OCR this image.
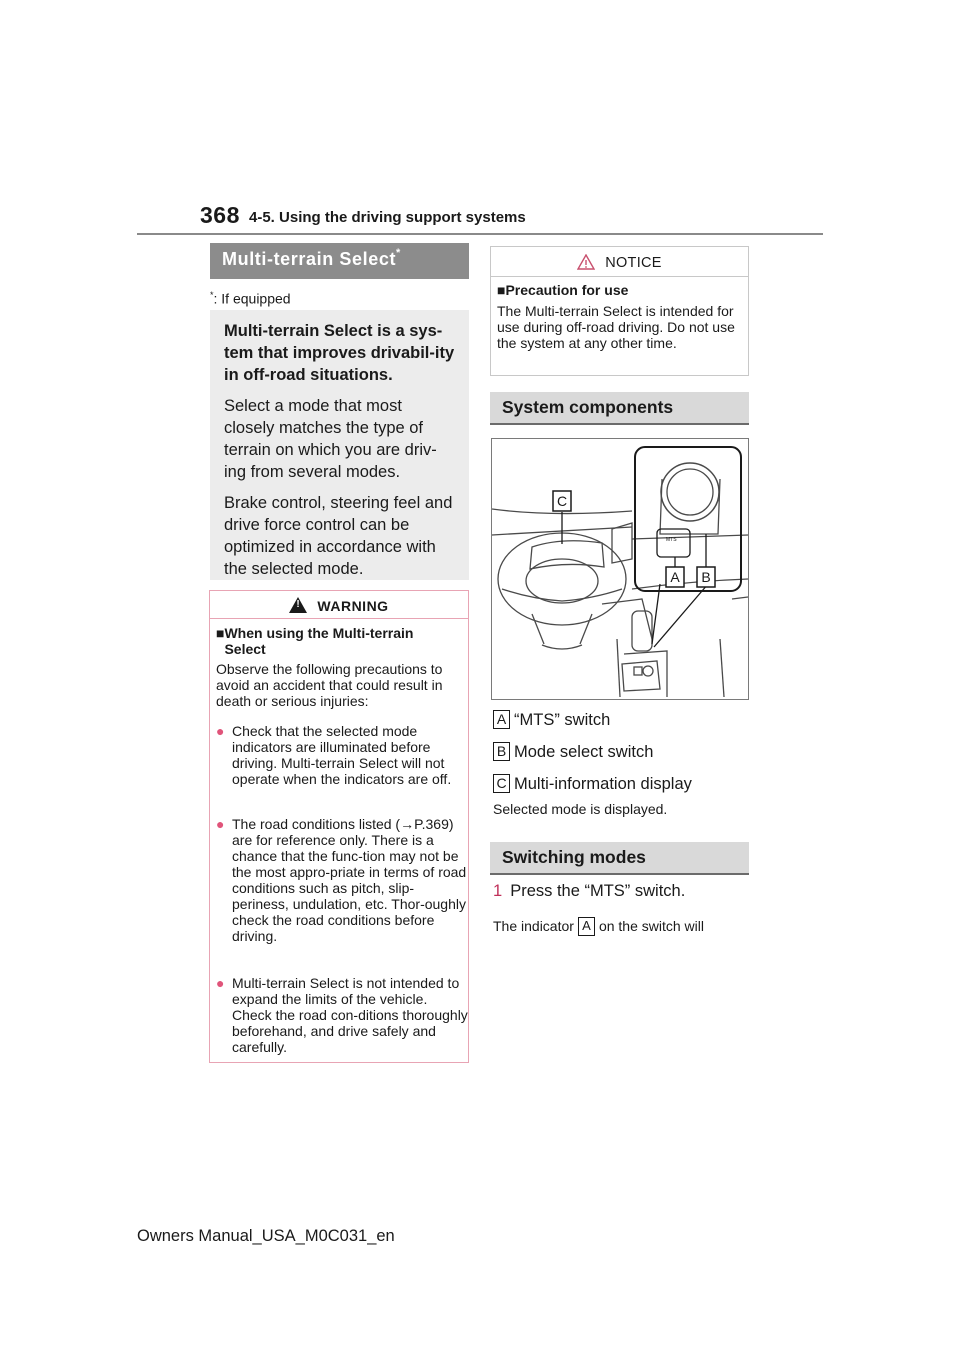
368 4-5. Using the driving support systems
Multi-terrain Select*
*: If equipped

Multi-terrain Select is a sys-tem that improves drivabil-ity in off-road situations.

Select a mode that most closely matches the type of terrain on which you are driv-ing from several modes.

Brake control, steering feel and drive force control can be optimized in accordance with the selected mode.

!WARNING
■When using the Multi-terrain Select
Observe the following precautions to avoid an accident that could result in death or serious injuries:
● Check that the selected mode indicators are illuminated before driving. Multi-terrain Select will not operate when the indicators are off.
● The road conditions listed (→P.369) are for reference only. There is a chance that the func-tion may not be the most appro-priate in terms of road conditions such as pitch, slip-periness, undulation, etc. Thor-oughly check the road conditions before driving.
● Multi-terrain Select is not intended to expand the limits of the vehicle. Check the road con-ditions thoroughly beforehand, and drive safely and carefully.
NOTICE
■Precaution for use
The Multi-terrain Select is intended for use during off-road driving. Do not use the system at any other time.
System components
C
A B
MTS
A “MTS” switch
B Mode select switch
C Multi-information display
Selected mode is displayed.
Switching modes
1 Press the “MTS” switch.
The indicator A on the switch will
Owners Manual_USA_M0C031_en
